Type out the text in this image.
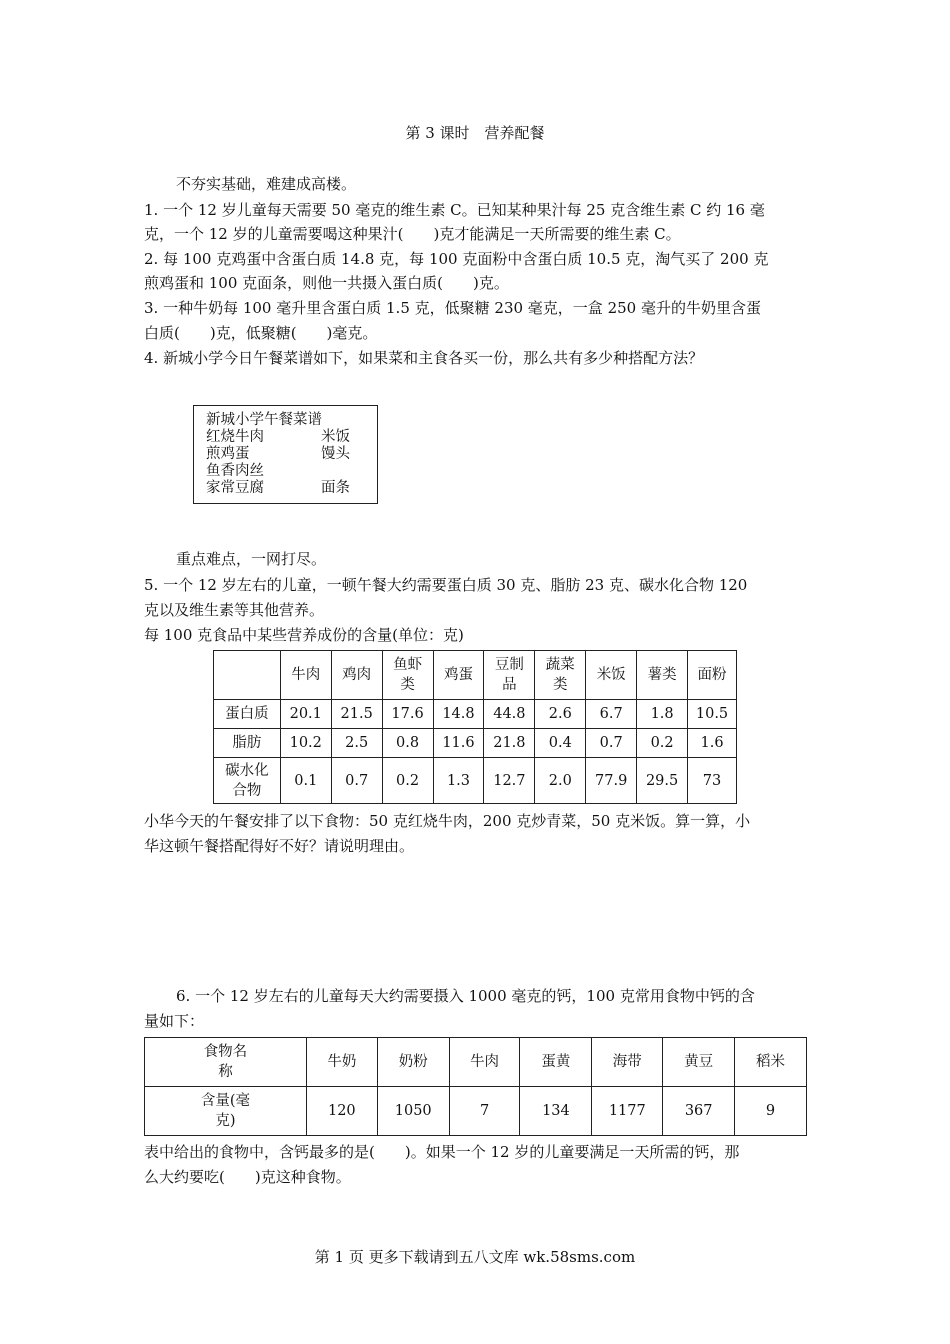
第 3 课时　营养配餐
不夯实基础，难建成高楼。
1. 一个 12 岁儿童每天需要 50 毫克的维生素 C。已知某种果汁每 25 克含维生素 C 约 16 毫
克，一个 12 岁的儿童需要喝这种果汁(　　)克才能满足一天所需要的维生素 C。
2. 每 100 克鸡蛋中含蛋白质 14.8 克，每 100 克面粉中含蛋白质 10.5 克，淘气买了 200 克
煎鸡蛋和 100 克面条，则他一共摄入蛋白质(　　)克。
3. 一种牛奶每 100 毫升里含蛋白质 1.5 克，低聚糖 230 毫克，一盒 250 毫升的牛奶里含蛋
白质(　　)克，低聚糖(　　)毫克。
4. 新城小学今日午餐菜谱如下，如果菜和主食各买一份，那么共有多少种搭配方法？
新城小学午餐菜谱
红烧牛肉	米饭
煎鸡蛋	馒头
鱼香肉丝
家常豆腐	面条
重点难点，一网打尽。
5. 一个 12 岁左右的儿童，一顿午餐大约需要蛋白质 30 克、脂肪 23 克、碳水化合物 120
克以及维生素等其他营养。
每 100 克食品中某些营养成份的含量(单位：克)
	牛肉	鸡肉	鱼虾类	鸡蛋	豆制品	蔬菜类	米饭	薯类	面粉
蛋白质	20.1	21.5	17.6	14.8	44.8	2.6	6.7	1.8	10.5
脂肪	10.2	2.5	0.8	11.6	21.8	0.4	0.7	0.2	1.6
碳水化合物	0.1	0.7	0.2	1.3	12.7	2.0	77.9	29.5	73
小华今天的午餐安排了以下食物：50 克红烧牛肉，200 克炒青菜，50 克米饭。算一算，小
华这顿午餐搭配得好不好？请说明理由。
6. 一个 12 岁左右的儿童每天大约需要摄入 1000 毫克的钙，100 克常用食物中钙的含
量如下：
食物名称	牛奶	奶粉	牛肉	蛋黄	海带	黄豆	稻米
含量(毫克)	120	1050	7	134	1177	367	9
表中给出的食物中，含钙最多的是(　　)。如果一个 12 岁的儿童要满足一天所需的钙，那
么大约要吃(　　)克这种食物。
第 1 页 更多下载请到五八文库 wk.58sms.com
